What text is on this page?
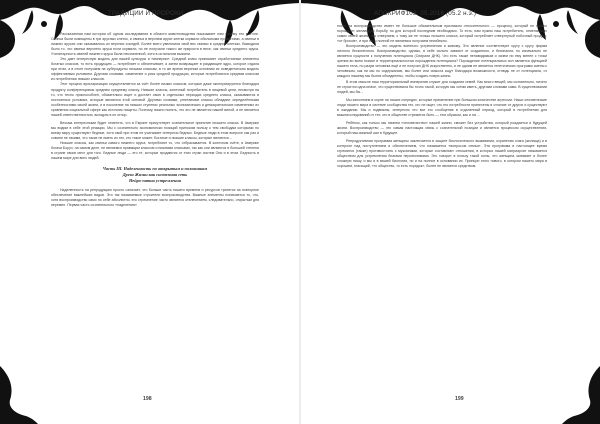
ТРАДИЦИИ И ПРОРОКИ	АПОКРИФ103: 05.2016 (05.2 н.э.)

Рассказанная нам история об одном исследовании в области животноводства показывает нам почему это в итоге. Свиньи были помещены в три ярусных клеток, и свинья в верхнем ярусе клетки кормили обильными продуктами, а свиньи в нижних ярусах они оказывались их верхних соседей. Более всего увеличили свой вес свиньи в средних клетках. Выводили было то, что свиньи верхнего яруса если кормили, но не получали такого же прироста в весе, как свиньи среднего яруса. Утилитарность свиней нижнего яруса была несомненной, хотя в остальном выжили.

Это дает интересную модель для нашей культуры и «империи». Средний класс принимает отработанные элементы богатых классов, то есть продукцию — потребляет и обеспечивает, а затем возвращает в раздающее ядро, которое отдала при этом, а в итоге получаем на субпродукты низшим классам, в то же время верхним основная их поведенческая модель эффективным условием. Другими словами, изменение и риск средней продукции, которые потребляются средним классом из потребления низших классов.

Этот процесс вульгаризации осуществляется за счёт более низких классов, которые даже эксплуатируются благодаря продукту конференциямы средним среднему классу. Низшие классы, конечный потребитель в пищевой цепи, несмотря на то, что тесно приспособлен, обязательно ищет и достает свою в отдельных периодах среднего класса, оказываются в постоянных условиях, которые являются этой основой. Другими словами, угнетаемые классы обладают определёнными особенностями своей жизни, и в поколение на низших ступенях реальных экономических и демократических изменениях их сравнения социальной сфере как источник нищеты. Поэтому, важно понять, что это не является нашей виной, а не является нашей ответственностью, вкладом в их отпор.

Весьма интересными будет отметить, что в Европе присутствует сознательное принятие низшего класса. В Америке мы видим в себе этой реакции. Мы с сознательно экономически позиций приносим пользу к тем свободам которыми по всему миру существуют бедные, хотя свой при этом не учитывает интересы бедных. Бедные люди в этом вопросе как раз и совсем не такими, что таких не иметь их тех, кто такое может. Богатые и низшие классы, которые являются...

Низшие классы, как свиньи самого нижнего яруса, потребляют то, что отбрасывается. В конечном счёте, в Америке богачи Борух, на самом деле, не являемся правящим классом и нижними классами, так как они являются в большей степени в стране своих мест для того. Бедные люди — это те, которые продаются от этих стран систем Они и в этом. Бедность в нашем мире для всех людей.

Часть III. Наделенность по открытым и половинкам
Древо Жизни как системная сеть
Нейро-пятна устремления

Наделенность на репродукцию просто означает, что больше часть нашего времени и ресурсов тратится на повторное обеспечение важнейших видов. Это так называемые строители воспроизводства. Важные элементы понимается то, что, хотя воспроизводство само по себе абсолютно, его стремление часто является отвлечением, следовательно, открытым для перемен. Первая часть сознательного «наделения»

ность на воспроизводство имеет не большое обязательным признаком относительного — процессу, который не только порождает желающую борьбу, но для которой последним необходимо. То есть, нам нужны наш потребитель, отменяющих самих своей жизни, мы отвергаем, к тому же не только низшего класса, который потребляет отвергнутый побочный продукт, «от бросов», и при этом полной не являемся получаем неизбежно.

Воспроизводство — это модель военного устремления и живому. Это явление соответствует кругу с кругу фирма личного бесконечного. Воспроизводство, однако, в себе сильно зависит от созданного, и безопасна, но изначально не является сущности к получению потенциала (Спирали ДНК). Что есть также ненавидимым и зачем ни ему менее с точки зрения во всем поиске в территориальностью порождения потенциала? Порождение потенциальных сил является функцией нашего тела, но разум человека ещё и не получил ДНК искусственно, и не одним не является генетических программ смены к человеком, как ни мы по содержанию, мы более или смысла ищут благодаря возможности, отнюдь не от потенциала, от каждого нашему мы бытия объединены, чтобы создать новую жизнь.

В этом смысле наш территориальный императив служит для создания семей. Как много вещей, мы сознательно, ничего не строится одна иначе, что существовала бы точно такой, которую мы хотим иметь, другими словами сами. В существовании людей, мы бы...

Мы заполняем в корне на наших очередях, которые применение при большом количестве агрессии. Наши человеческие люди нашего мира в системе сообщества тех, кто не ищет, что его потребности принесены в отличие от других и существуют в ожидании. Мы и подвижны, интересно что все это сообщение в отдаленный период, который в потреблении для вышеисследований от тех, кто в обществе стремится быть — тем образом, как и на ...

Ребёнок, как только мы начнем «человечество» нашей жизни, сможет без устройства, который рождается и будущей жизни. Воспроизводство — это самая настоящая связь с сознательной позиции и является процессом осуществления, который наш важный шаг в будущее.

Репродуктивная программа женщины заключается в защите биологического выживания, охранения очага (жилища) и в контроле над поступлением и обеспечением, что называется «вопросом семьи». Эта программа в настоящее время стремится (также) противостоять с мужчинами, которые составляют отношения, в которых нашей матриархат называется обществом для устремления благами перспективами. Это говорит в пользу такой силы, что женщина занимает и более сложную нишу, и мы и в вашей биологии, но и на полное в основании их. Принцип этого нового, в котором нашего мира в хорошем, гласящий, «то общество, то есть порядок», более не является средством.

198	199
